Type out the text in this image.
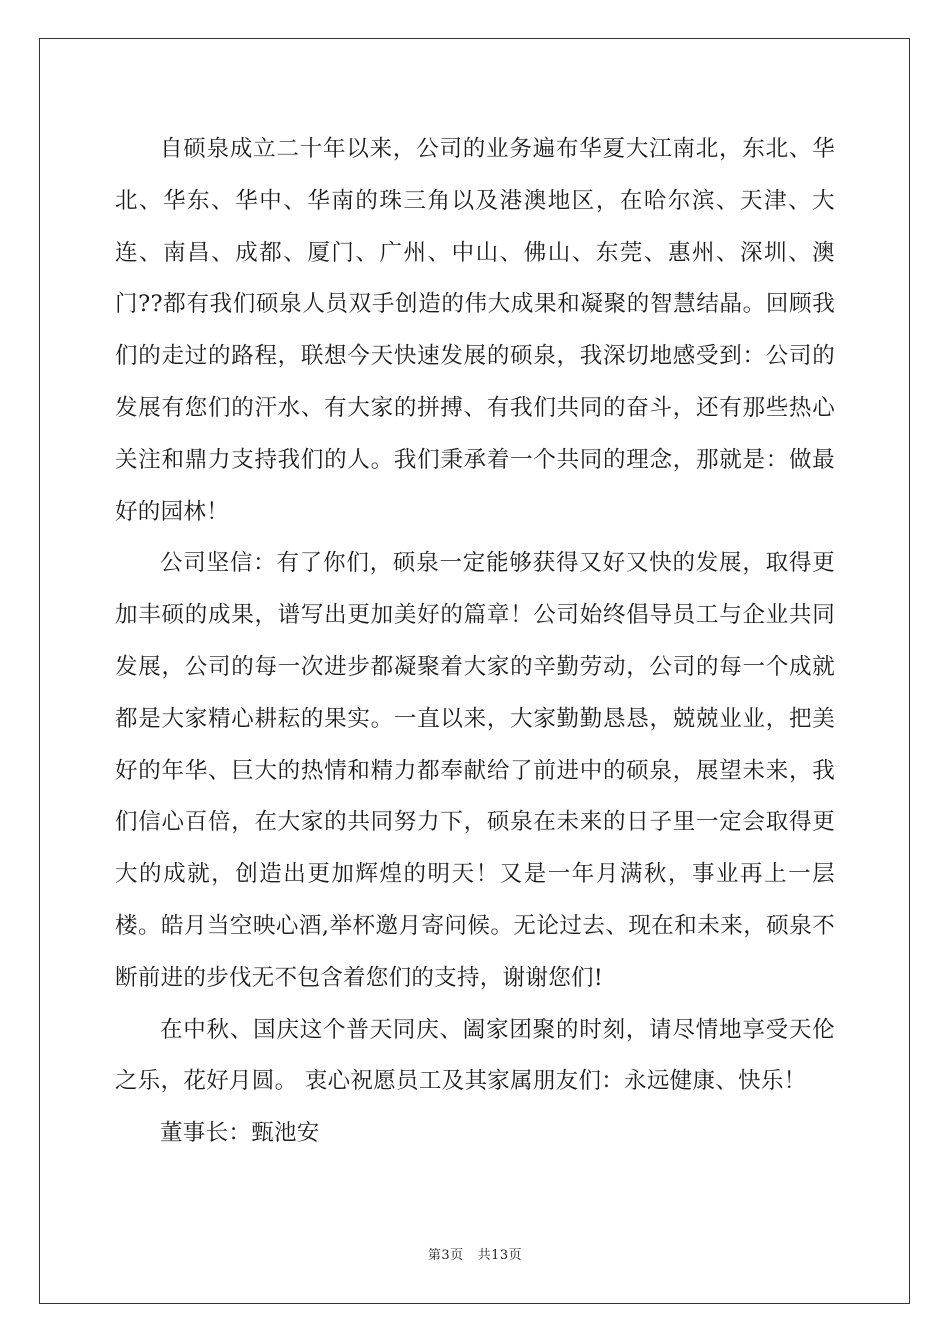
自硕泉成立二十年以来，公司的业务遍布华夏大江南北，东北、华北、华东、华中、华南的珠三角以及港澳地区，在哈尔滨、天津、大连、南昌、成都、厦门、广州、中山、佛山、东莞、惠州、深圳、澳门??都有我们硕泉人员双手创造的伟大成果和凝聚的智慧结晶。回顾我们的走过的路程，联想今天快速发展的硕泉，我深切地感受到：公司的发展有您们的汗水、有大家的拼搏、有我们共同的奋斗，还有那些热心关注和鼎力支持我们的人。我们秉承着一个共同的理念，那就是：做最好的园林！

公司坚信：有了你们，硕泉一定能够获得又好又快的发展，取得更加丰硕的成果，谱写出更加美好的篇章！公司始终倡导员工与企业共同发展，公司的每一次进步都凝聚着大家的辛勤劳动，公司的每一个成就都是大家精心耕耘的果实。一直以来，大家勤勤恳恳，兢兢业业，把美好的年华、巨大的热情和精力都奉献给了前进中的硕泉，展望未来，我们信心百倍，在大家的共同努力下，硕泉在未来的日子里一定会取得更大的成就，创造出更加辉煌的明天！又是一年月满秋，事业再上一层楼。皓月当空映心酒,举杯邀月寄问候。无论过去、现在和未来，硕泉不断前进的步伐无不包含着您们的支持，谢谢您们!

在中秋、国庆这个普天同庆、阖家团聚的时刻，请尽情地享受天伦之乐，花好月圆。 衷心祝愿员工及其家属朋友们：永远健康、快乐！

董事长：甄池安

第3页 共13页
